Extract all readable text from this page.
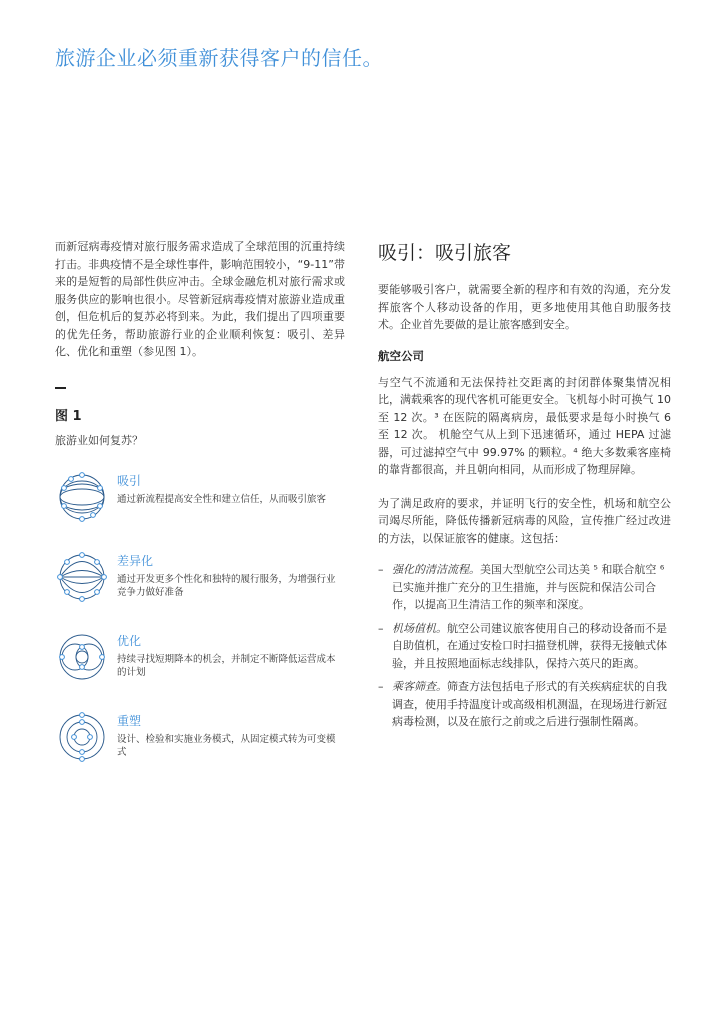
旅游企业必须重新获得客户的信任。

而新冠病毒疫情对旅行服务需求造成了全球范围的沉重持续打击。非典疫情不是全球性事件，影响范围较小，“9-11”带来的是短暂的局部性供应冲击。全球金融危机对旅行需求或服务供应的影响也很小。尽管新冠病毒疫情对旅游业造成重创，但危机后的复苏必将到来。为此，我们提出了四项重要的优先任务，帮助旅游行业的企业顺利恢复：吸引、差异化、优化和重塑（参见图 1）。

图 1
旅游业如何复苏？
吸引
通过新流程提高安全性和建立信任，从而吸引旅客
差异化
通过开发更多个性化和独特的履行服务，为增强行业竞争力做好准备
优化
持续寻找短期降本的机会，并制定不断降低运营成本的计划
重塑
设计、检验和实施业务模式，从固定模式转为可变模式
吸引：吸引旅客

要能够吸引客户，就需要全新的程序和有效的沟通，充分发挥旅客个人移动设备的作用，更多地使用其他自助服务技术。企业首先要做的是让旅客感到安全。

航空公司

与空气不流通和无法保持社交距离的封闭群体聚集情况相比，满载乘客的现代客机可能更安全。飞机每小时可换气 10 至 12 次。³ 在医院的隔离病房，最低要求是每小时换气 6 至 12 次。 机舱空气从上到下迅速循环，通过 HEPA 过滤器，可过滤掉空气中 99.97% 的颗粒。⁴ 绝大多数乘客座椅的靠背都很高，并且朝向相同，从而形成了物理屏障。

为了满足政府的要求，并证明飞行的安全性，机场和航空公司竭尽所能，降低传播新冠病毒的风险，宣传推广经过改进的方法，以保证旅客的健康。这包括：

– 强化的清洁流程。美国大型航空公司达美 ⁵ 和联合航空 ⁶ 已实施并推广充分的卫生措施，并与医院和保洁公司合作，以提高卫生清洁工作的频率和深度。
– 机场值机。航空公司建议旅客使用自己的移动设备而不是自助值机，在通过安检口时扫描登机牌，获得无接触式体验，并且按照地面标志线排队，保持六英尺的距离。
– 乘客筛查。筛查方法包括电子形式的有关疾病症状的自我调查，使用手持温度计或高级相机测温，在现场进行新冠病毒检测，以及在旅行之前或之后进行强制性隔离。
